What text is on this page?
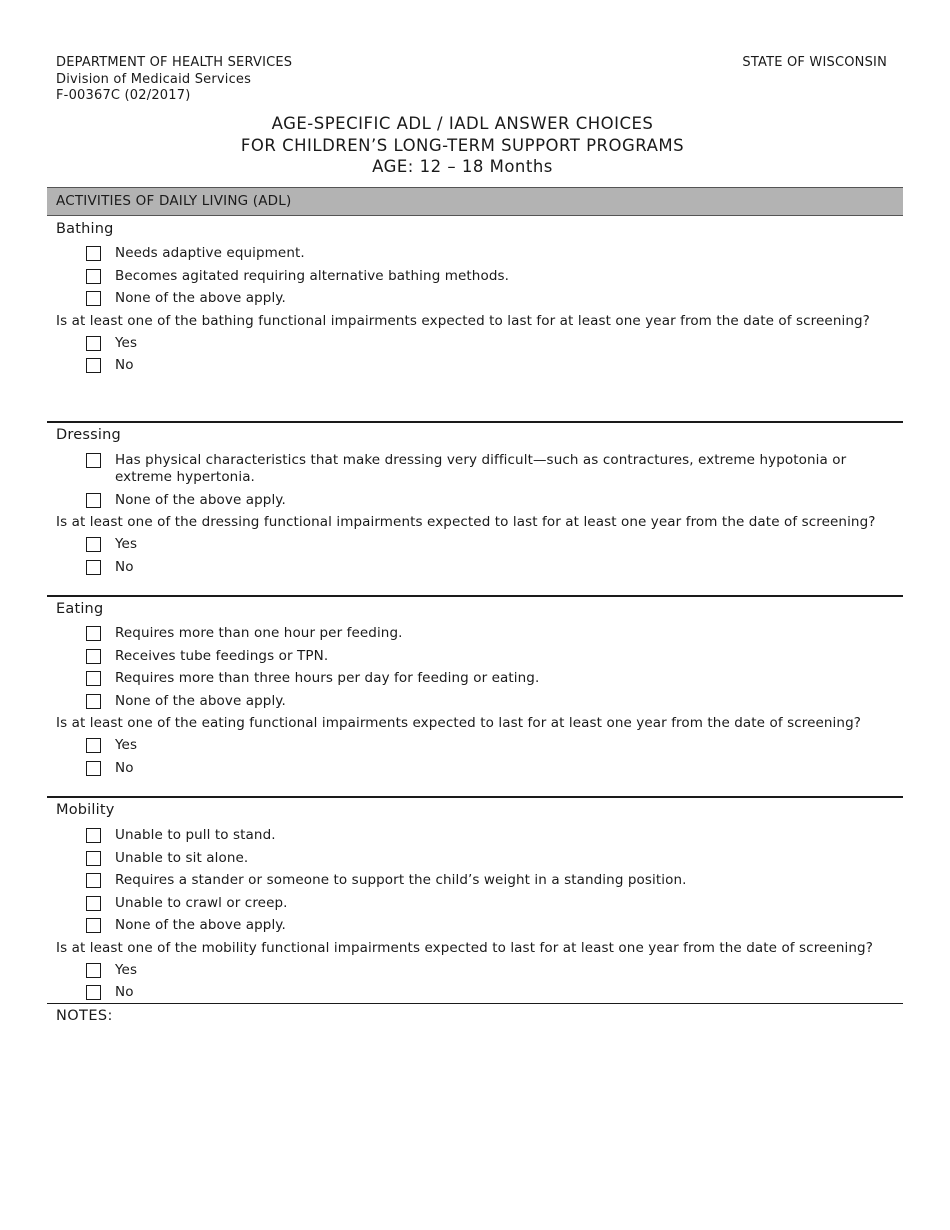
DEPARTMENT OF HEALTH SERVICES
Division of Medicaid Services
F-00367C (02/2017)
STATE OF WISCONSIN
AGE-SPECIFIC ADL / IADL ANSWER CHOICES
FOR CHILDREN’S LONG-TERM SUPPORT PROGRAMS
AGE: 12 – 18 Months
ACTIVITIES OF DAILY LIVING (ADL)
Bathing
Needs adaptive equipment.
Becomes agitated requiring alternative bathing methods.
None of the above apply.
Is at least one of the bathing functional impairments expected to last for at least one year from the date of screening?
Yes
No
Dressing
Has physical characteristics that make dressing very difficult—such as contractures, extreme hypotonia or extreme hypertonia.
None of the above apply.
Is at least one of the dressing functional impairments expected to last for at least one year from the date of screening?
Yes
No
Eating
Requires more than one hour per feeding.
Receives tube feedings or TPN.
Requires more than three hours per day for feeding or eating.
None of the above apply.
Is at least one of the eating functional impairments expected to last for at least one year from the date of screening?
Yes
No
Mobility
Unable to pull to stand.
Unable to sit alone.
Requires a stander or someone to support the child’s weight in a standing position.
Unable to crawl or creep.
None of the above apply.
Is at least one of the mobility functional impairments expected to last for at least one year from the date of screening?
Yes
No
NOTES:
